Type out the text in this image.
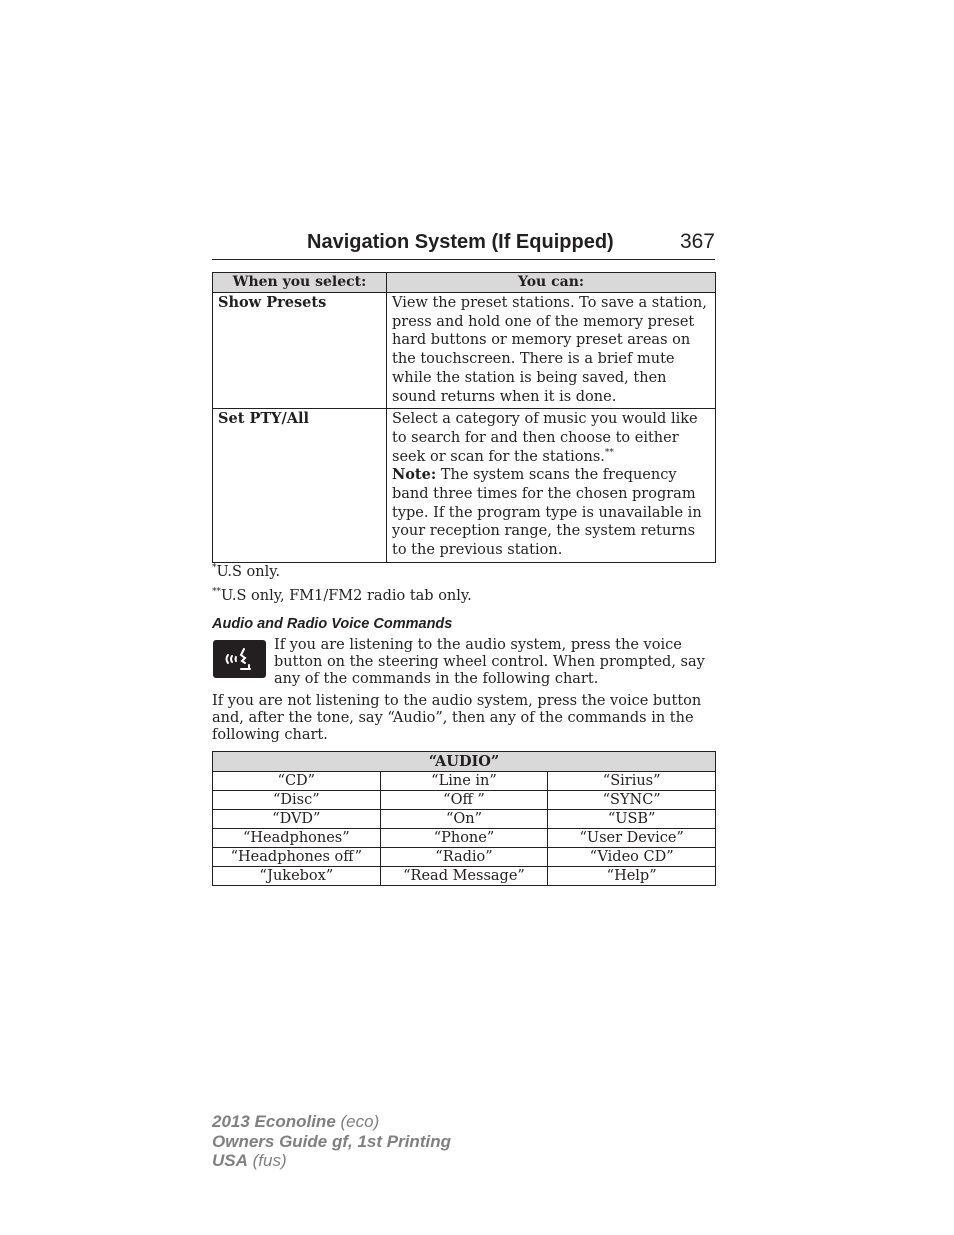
Navigation System (If Equipped)	367
When you select:	You can:
Show Presets	View the preset stations. To save a station, press and hold one of the memory preset hard buttons or memory preset areas on the touchscreen. There is a brief mute while the station is being saved, then sound returns when it is done.
Set PTY/All	Select a category of music you would like to search for and then choose to either seek or scan for the stations.**
Note: The system scans the frequency band three times for the chosen program type. If the program type is unavailable in your reception range, the system returns to the previous station.
*U.S only.
**U.S only, FM1/FM2 radio tab only.
Audio and Radio Voice Commands
If you are listening to the audio system, press the voice button on the steering wheel control. When prompted, say any of the commands in the following chart.
If you are not listening to the audio system, press the voice button and, after the tone, say “Audio”, then any of the commands in the following chart.
“AUDIO”		
“CD”	“Line in”	“Sirius”
“Disc”	“Off ”	“SYNC”
“DVD”	“On”	“USB”
“Headphones”	“Phone”	“User Device”
“Headphones off”	“Radio”	“Video CD”
“Jukebox”	“Read Message”	“Help”
2013 Econoline (eco)
Owners Guide gf, 1st Printing
USA (fus)
